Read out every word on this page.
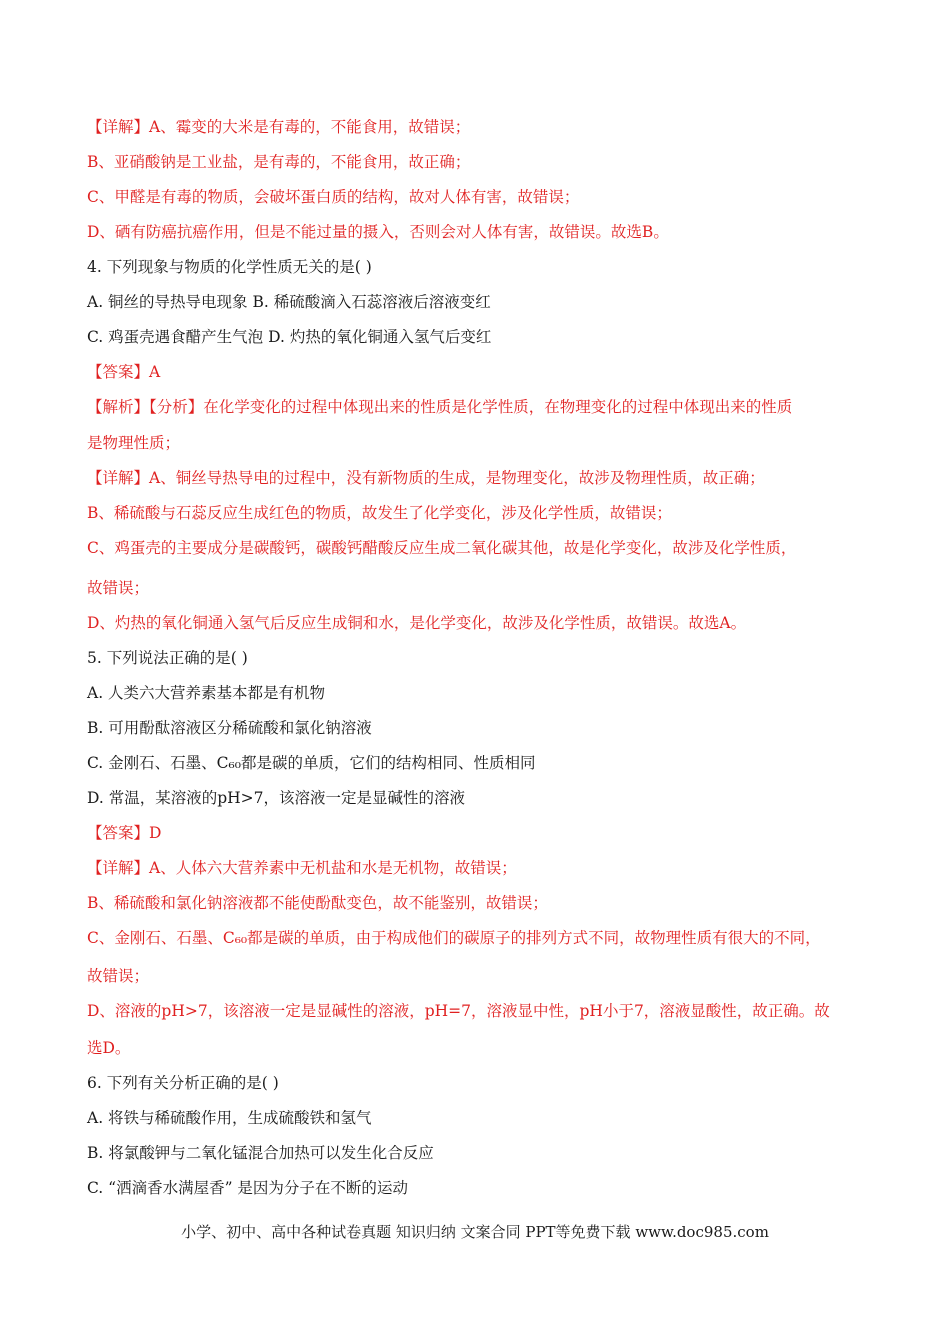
【详解】A、霉变的大米是有毒的，不能食用，故错误；
B、亚硝酸钠是工业盐，是有毒的，不能食用，故正确；
C、甲醛是有毒的物质，会破坏蛋白质的结构，故对人体有害，故错误；
D、硒有防癌抗癌作用，但是不能过量的摄入，否则会对人体有害，故错误。故选B。
4. 下列现象与物质的化学性质无关的是( )
A. 铜丝的导热导电现象 B. 稀硫酸滴入石蕊溶液后溶液变红
C. 鸡蛋壳遇食醋产生气泡 D. 灼热的氧化铜通入氢气后变红
【答案】A
【解析】【分析】在化学变化的过程中体现出来的性质是化学性质，在物理变化的过程中体现出来的性质
是物理性质；
【详解】A、铜丝导热导电的过程中，没有新物质的生成，是物理变化，故涉及物理性质，故正确；
B、稀硫酸与石蕊反应生成红色的物质，故发生了化学变化，涉及化学性质，故错误；
C、鸡蛋壳的主要成分是碳酸钙，碳酸钙醋酸反应生成二氧化碳其他，故是化学变化，故涉及化学性质，
故错误；
D、灼热的氧化铜通入氢气后反应生成铜和水，是化学变化，故涉及化学性质，故错误。故选A。
5. 下列说法正确的是( )
A. 人类六大营养素基本都是有机物
B. 可用酚酞溶液区分稀硫酸和氯化钠溶液
C. 金刚石、石墨、C₆₀都是碳的单质，它们的结构相同、性质相同
D. 常温，某溶液的pH>7，该溶液一定是显碱性的溶液
【答案】D
【详解】A、人体六大营养素中无机盐和水是无机物，故错误；
B、稀硫酸和氯化钠溶液都不能使酚酞变色，故不能鉴别，故错误；
C、金刚石、石墨、C₆₀都是碳的单质，由于构成他们的碳原子的排列方式不同，故物理性质有很大的不同，
故错误；
D、溶液的pH>7，该溶液一定是显碱性的溶液，pH=7，溶液显中性，pH小于7，溶液显酸性，故正确。故
选D。
6. 下列有关分析正确的是( )
A. 将铁与稀硫酸作用，生成硫酸铁和氢气
B. 将氯酸钾与二氧化锰混合加热可以发生化合反应
C. “洒滴香水满屋香” 是因为分子在不断的运动
小学、初中、高中各种试卷真题 知识归纳 文案合同 PPT等免费下载 www.doc985.com
